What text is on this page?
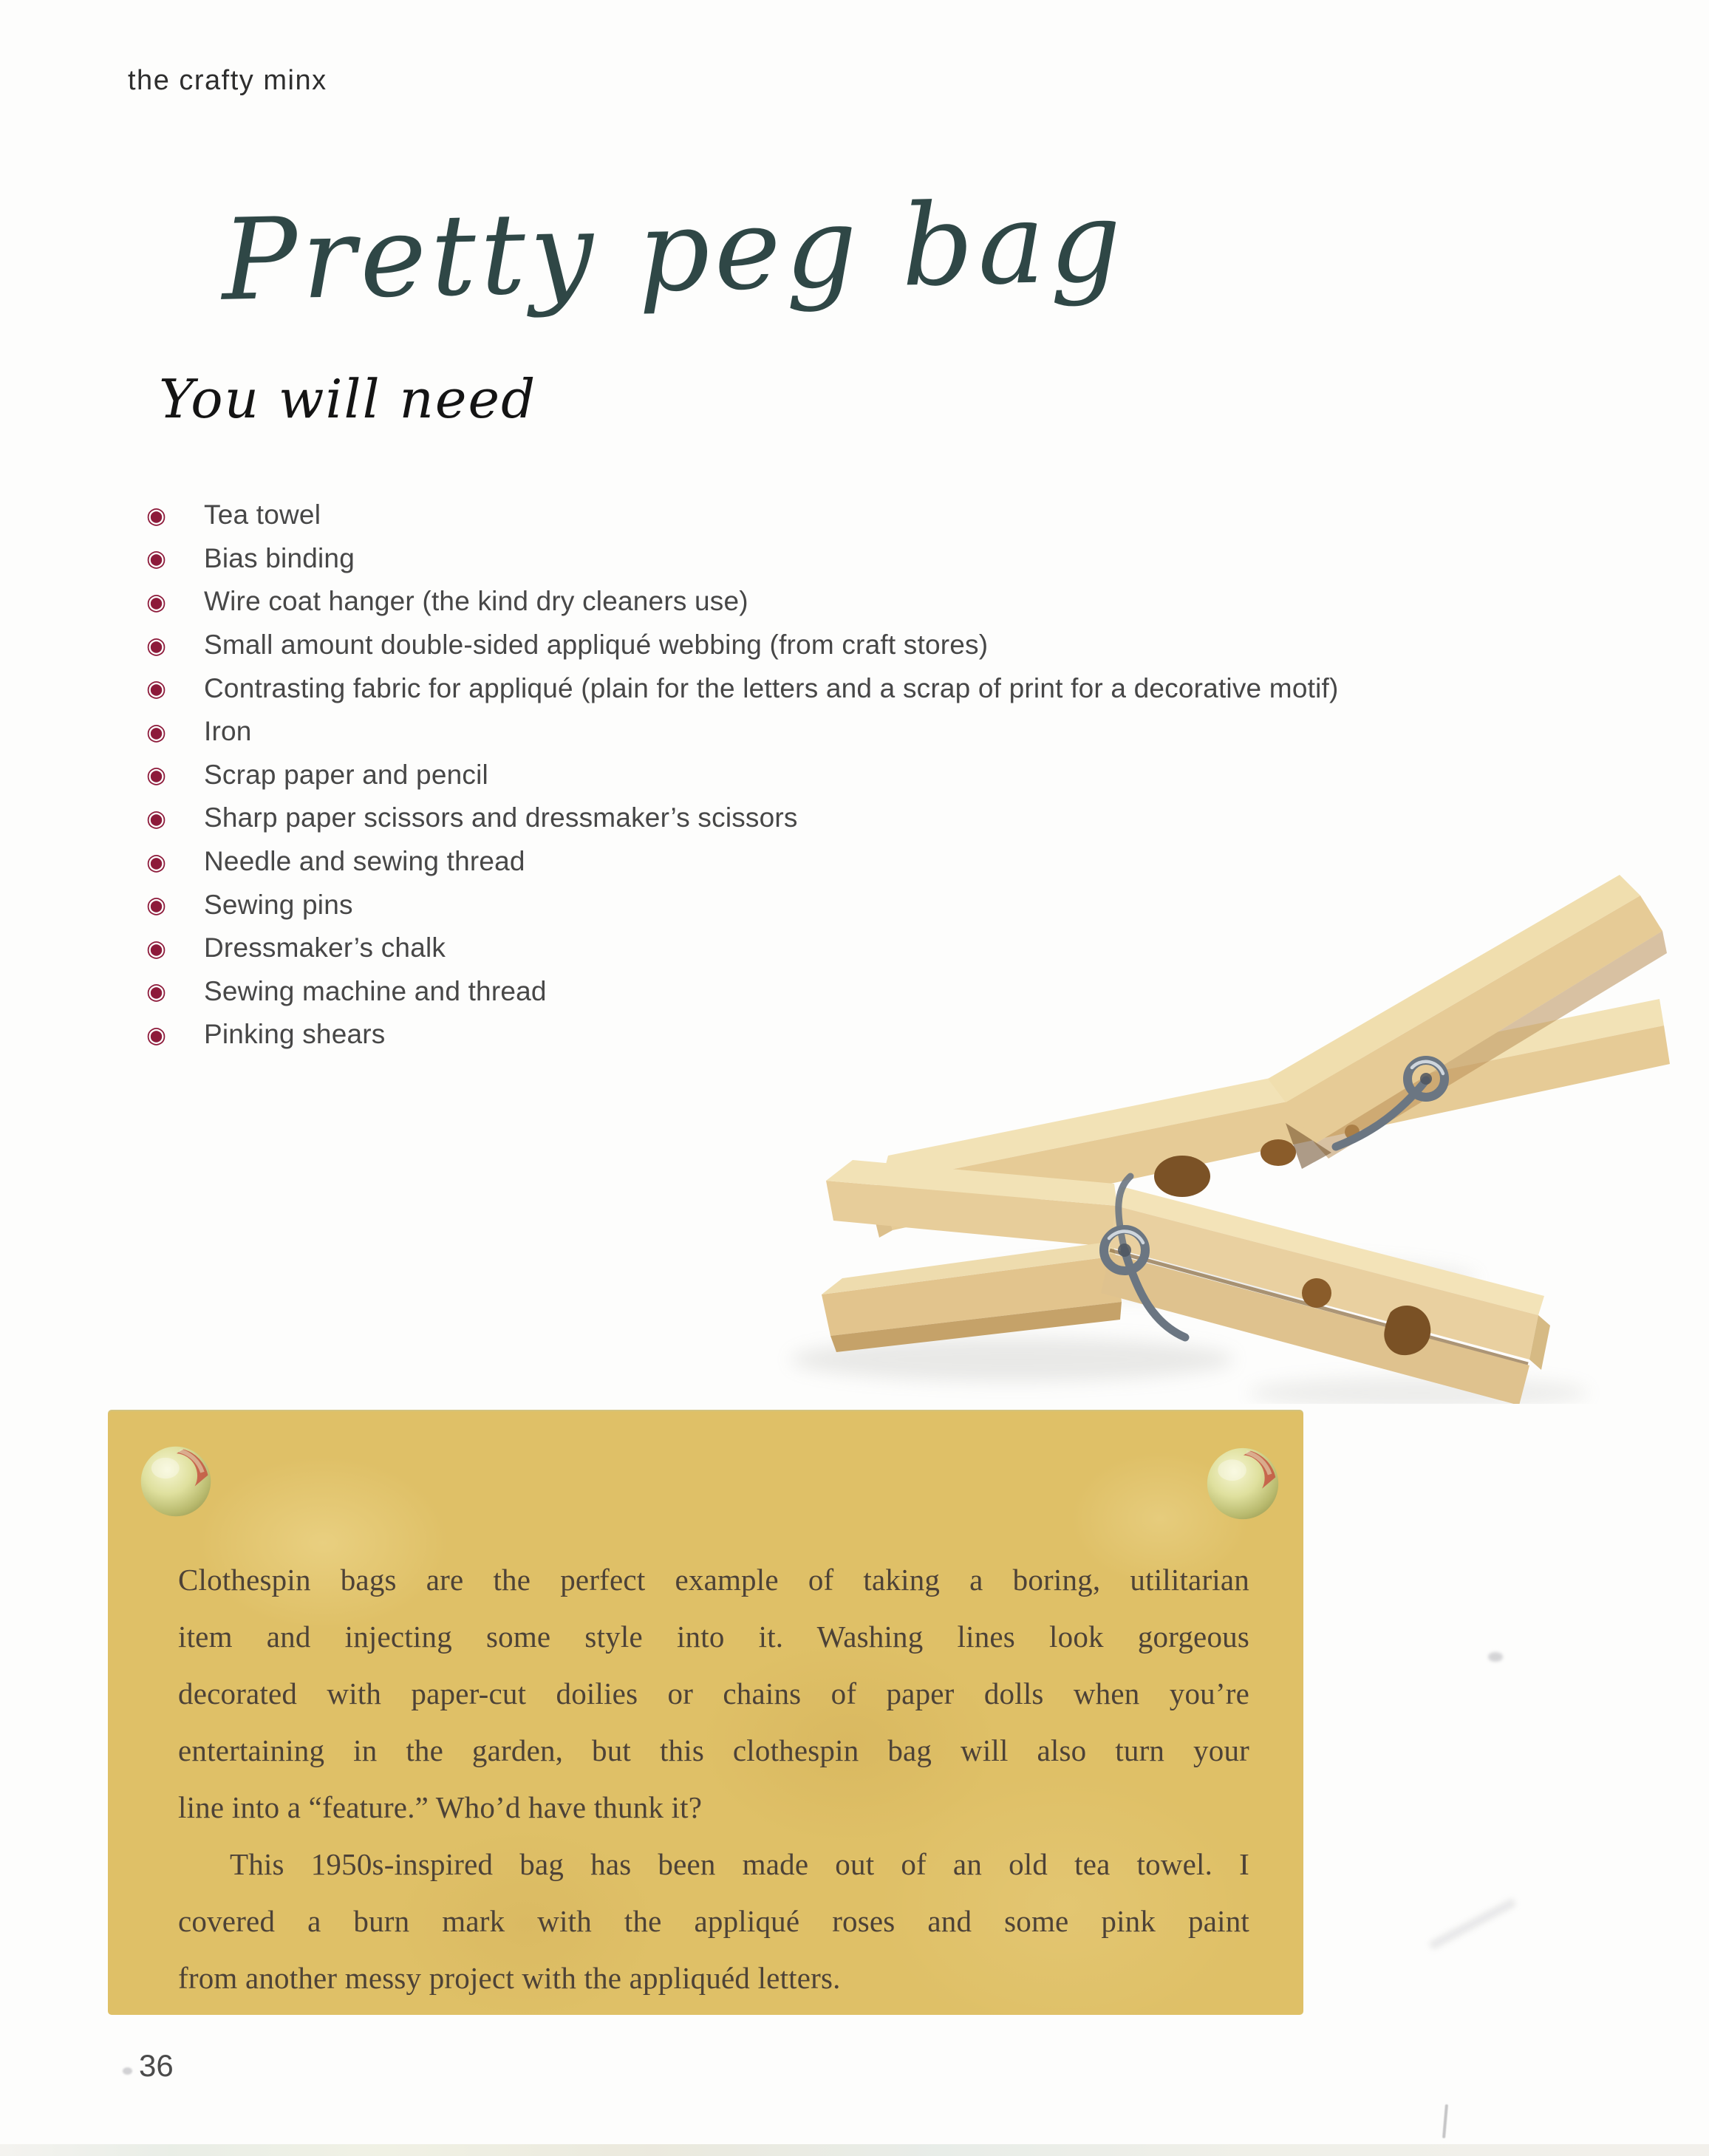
the crafty minx
Pretty peg bag
You will need
◉	Tea towel
◉	Bias binding
◉	Wire coat hanger (the kind dry cleaners use)
◉	Small amount double-sided appliqué webbing (from craft stores)
◉	Contrasting fabric for appliqué (plain for the letters and a scrap of print for a decorative motif)
◉	Iron
◉	Scrap paper and pencil
◉	Sharp paper scissors and dressmaker’s scissors
◉	Needle and sewing thread
◉	Sewing pins
◉	Dressmaker’s chalk
◉	Sewing machine and thread
◉	Pinking shears
Clothespin bags are the perfect example of taking a boring, utilitarian
item and injecting some style into it. Washing lines look gorgeous
decorated with paper-cut doilies or chains of paper dolls when you’re
entertaining in the garden, but this clothespin bag will also turn your
line into a “feature.” Who’d have thunk it?
This 1950s-inspired bag has been made out of an old tea towel. I
covered a burn mark with the appliqué roses and some pink paint
from another messy project with the appliquéd letters.
36
